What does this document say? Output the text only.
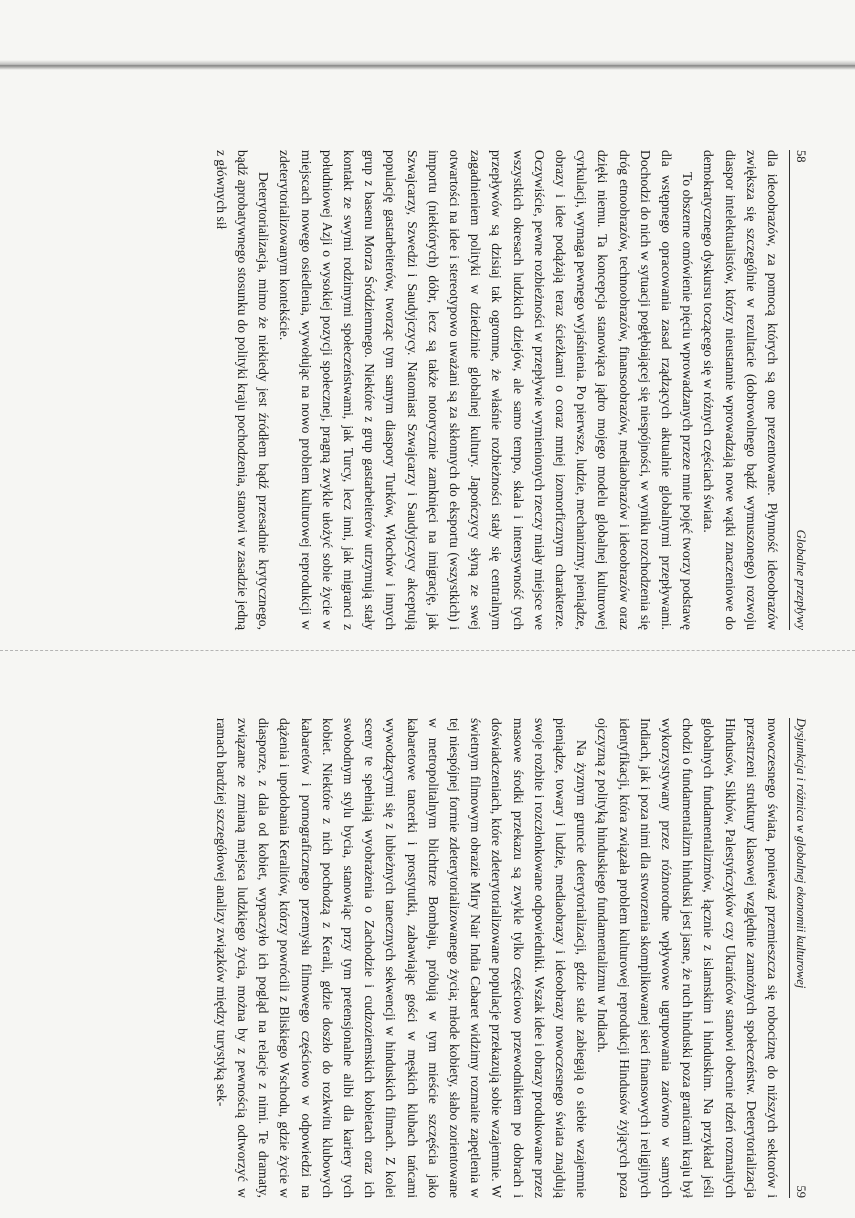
58
Globalne przepływy

dla ideoobrazów, za pomocą których są one prezentowane. Płynność ideoobrazów zwiększa się szczególnie w rezultacie (dobrowolnego bądź wymuszonego) rozwoju diaspor intelektualistów, którzy nieustannie wprowadzają nowe wątki znaczeniowe do demokratycznego dyskursu toczącego się w różnych częściach świata.

To obszerne omówienie pięciu wprowadzanych przeze mnie pojęć tworzy podstawę dla wstępnego opracowania zasad rządzących aktualnie globalnymi przepływami. Dochodzi do nich w sytuacji pogłębiającej się niespójności, w wyniku rozchodzenia się dróg etnoobrazów, technoobrazów, finansoobrazów, mediaobrazów i ideoobrazów oraz dzięki niemu. Ta koncepcja stanowiąca jądro mojego modelu globalnej kulturowej cyrkulacji, wymaga pewnego wyjaśnienia. Po pierwsze, ludzie, mechanizmy, pieniądze, obrazy i idee podążają teraz ścieżkami o coraz mniej izomorficznym charakterze. Oczywiście, pewne rozbieżności w przepływie wymienionych rzeczy miały miejsce we wszystkich okresach ludzkich dziejów, ale samo tempo, skala i intensywność tych przepływów są dzisiaj tak ogromne, że właśnie rozbieżności stały się centralnym zagadnieniem polityki w dziedzinie globalnej kultury. Japończycy słyną ze swej otwartości na idee i stereotypowo uważani są za skłonnych do eksportu (wszystkich) i importu (niektórych) dóbr, lecz są także notorycznie zamknięci na imigrację, jak Szwajcarzy, Szwedzi i Saudyjczycy. Natomiast Szwajcarzy i Saudyjczycy akceptują populację gastarbeiterów, tworząc tym samym diaspory Turków, Włochów i innych grup z basenu Morza Śródziemnego. Niektóre z grup gastarbeiterów utrzymują stały kontakt ze swymi rodzimymi społeczeństwami, jak Turcy, lecz inni, jak migranci z południowej Azji o wysokiej pozycji społecznej, pragną zwykle ułożyć sobie życie w miejscach nowego osiedlenia, wywołując na nowo problem kulturowej reprodukcji w zdeterytorializowanym kontekście.

Deterytorializacja, mimo że niekiedy jest źródłem bądź przesadnie krytycznego, bądź aprobatywnego stosunku do polityki kraju pochodzenia, stanowi w zasadzie jedną z głównych sił

Dysjunkcja i różnica w globalnej ekonomii kulturowej
59

nowoczesnego świata, ponieważ przemieszcza się robociznę do niższych sektorów i przestrzeni struktury klasowej względnie zamożnych społeczeństw. Deterytorializacja Hindusów, Sikhów, Palestyńczyków czy Ukraińców stanowi obecnie rdzeń rozmaitych globalnych fundamentalizmów, łącznie z islamskim i hinduskim. Na przykład jeśli chodzi o fundamentalizm hinduski jest jasne, że ruch hinduski poza granicami kraju był wykorzystywany przez różnorodne wpływowe ugrupowania zarówno w samych Indiach, jak i poza nimi dla stworzenia skomplikowanej sieci finansowych i religijnych identyfikacji, która związała problem kulturowej reprodukcji Hindusów żyjących poza ojczyzną z polityką hinduskiego fundamentalizmu w Indiach.

Na żyznym gruncie deterytorializacji, gdzie stale zabiegają o siebie wzajemnie pieniądze, towary i ludzie, mediaobrazy i ideoobrazy nowoczesnego świata znajdują swoje rozbite i rozczłonkowane odpowiedniki. Wszak idee i obrazy produkowane przez masowe środki przekazu są zwykle tylko częściowo przewodnikiem po dobrach i doświadczeniach, które zdeterytorializowane populacje przekazują sobie wzajemnie. W świetnym filmowym obrazie Miry Nair India Cabaret widzimy rozmaite zapętlenia w tej niespójnej formie zdeterytorializowanego życia; młode kobiety, słabo zorientowane w metropolitalnym blichtrze Bombaju, próbują w tym mieście szczęścia jako kabaretowe tancerki i prostytutki, zabawiając gości w męskich klubach tańcami wywodzącymi się z lubieżnych tanecznych sekwencji w hinduskich filmach. Z kolei sceny te spełniają wyobrażenia o Zachodzie i cudzoziemskich kobietach oraz ich swobodnym stylu bycia, stanowiąc przy tym pretensjonalne alibi dla kariery tych kobiet. Niektóre z nich pochodzą z Kerali, gdzie doszło do rozkwitu klubowych kabaretów i pornograficznego przemysłu filmowego częściowo w odpowiedzi na dążenia i upodobania Keralitów, którzy powrócili z Bliskiego Wschodu, gdzie życie w diasporze, z dala od kobiet, wypaczyło ich pogląd na relacje z nimi. Te dramaty, związane ze zmianą miejsca ludzkiego życia, można by z pewnością odtworzyć w ramach bardziej szczegółowej analizy związków między turystyką sek-
